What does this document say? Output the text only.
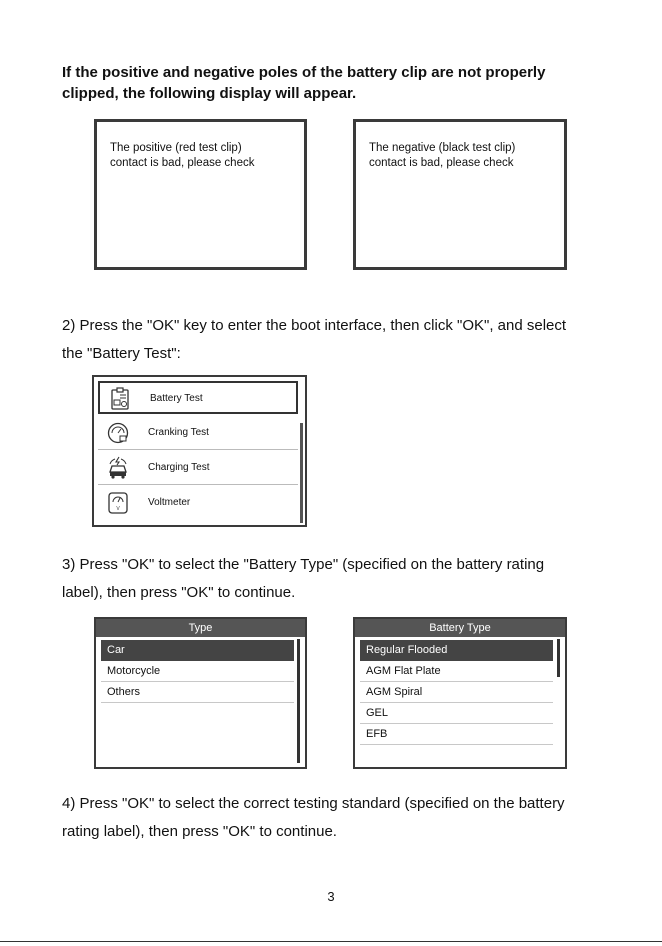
If the positive and negative poles of the battery clip are not properly

clipped, the following display will appear.

The positive (red test clip)
contact is bad, please check
The negative (black test clip)
contact is bad, please check

2) Press the "OK" key to enter the boot interface, then click "OK", and select

the "Battery Test":

Battery Test
Cranking Test
Charging Test
V
Voltmeter

3) Press "OK" to select the "Battery Type" (specified on the battery rating

label), then press "OK" to continue.

Type
Car
Motorcycle
Others
Battery Type
Regular Flooded
AGM Flat Plate
AGM Spiral
GEL
EFB

4) Press "OK" to select the correct testing standard (specified on the battery

rating label), then press "OK" to continue.

3
